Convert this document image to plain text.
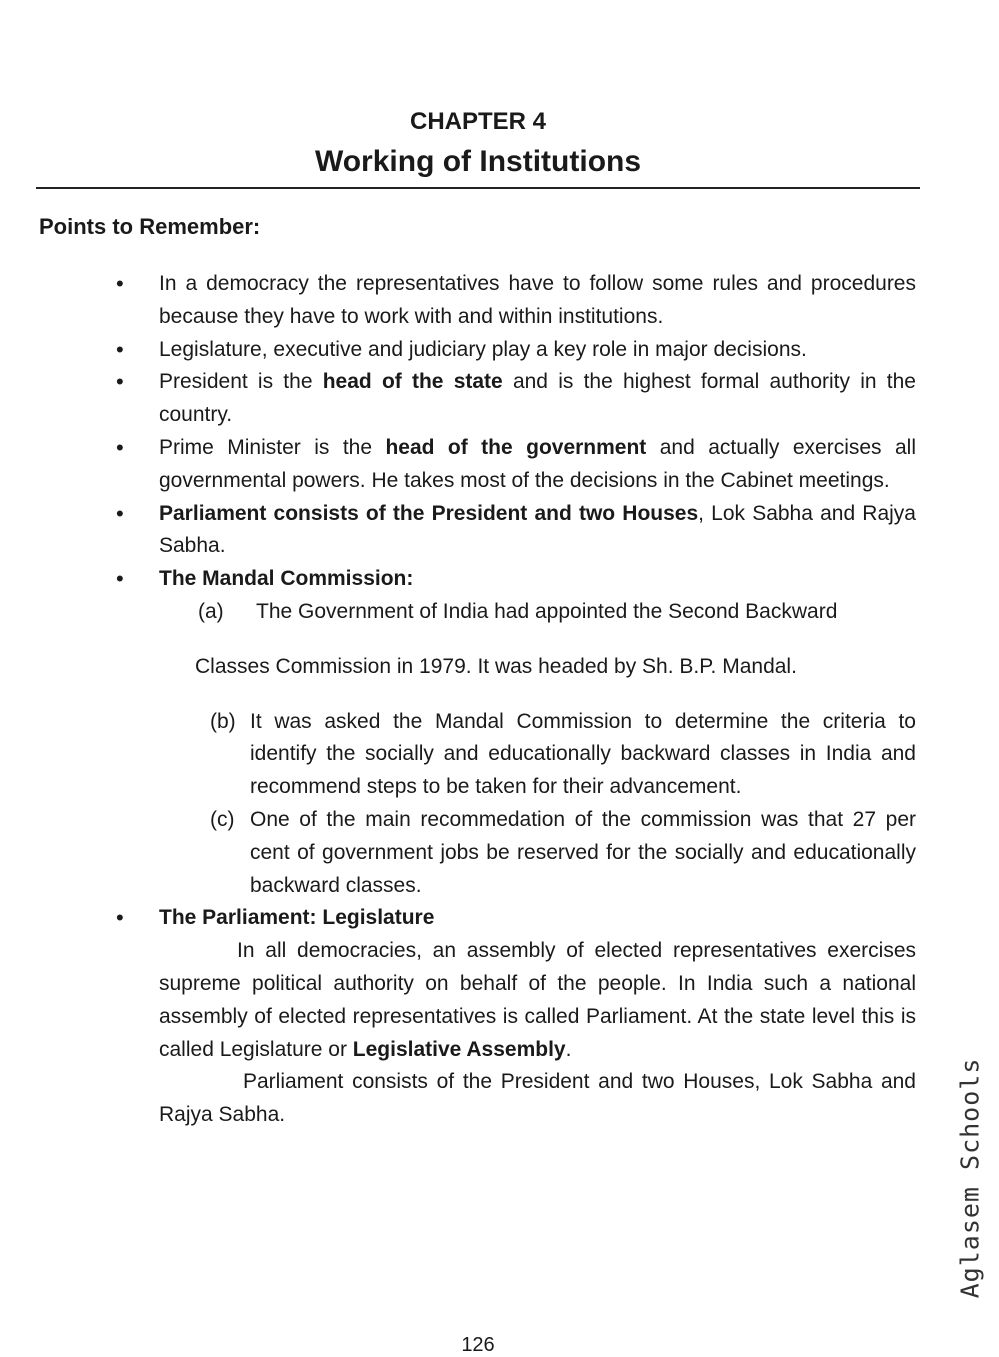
CHAPTER 4
Working of Institutions
Points to Remember:
• In a democracy the representatives have to follow some rules and procedures because they have to work with and within institutions.
• Legislature, executive and judiciary play a key role in major decisions.
• President is the head of the state and is the highest formal authority in the country.
• Prime Minister is the head of the government and actually exercises all governmental powers. He takes most of the decisions in the Cabinet meetings.
• Parliament consists of the President and two Houses, Lok Sabha and Rajya Sabha.
• The Mandal Commission:
(a) The Government of India had appointed the Second Backward
Classes Commission in 1979. It was headed by Sh. B.P. Mandal.
(b) It was asked the Mandal Commission to determine the criteria to identify the socially and educationally backward classes in India and recommend steps to be taken for their advancement.
(c) One of the main recommedation of the commission was that 27 per cent of government jobs be reserved for the socially and educationally backward classes.
• The Parliament: Legislature
In all democracies, an assembly of elected representatives exercises supreme political authority on behalf of the people. In India such a national assembly of elected representatives is called Parliament. At the state level this is called Legislature or Legislative Assembly.
Parliament consists of the President and two Houses, Lok Sabha and Rajya Sabha.
126
Aglasem Schools
